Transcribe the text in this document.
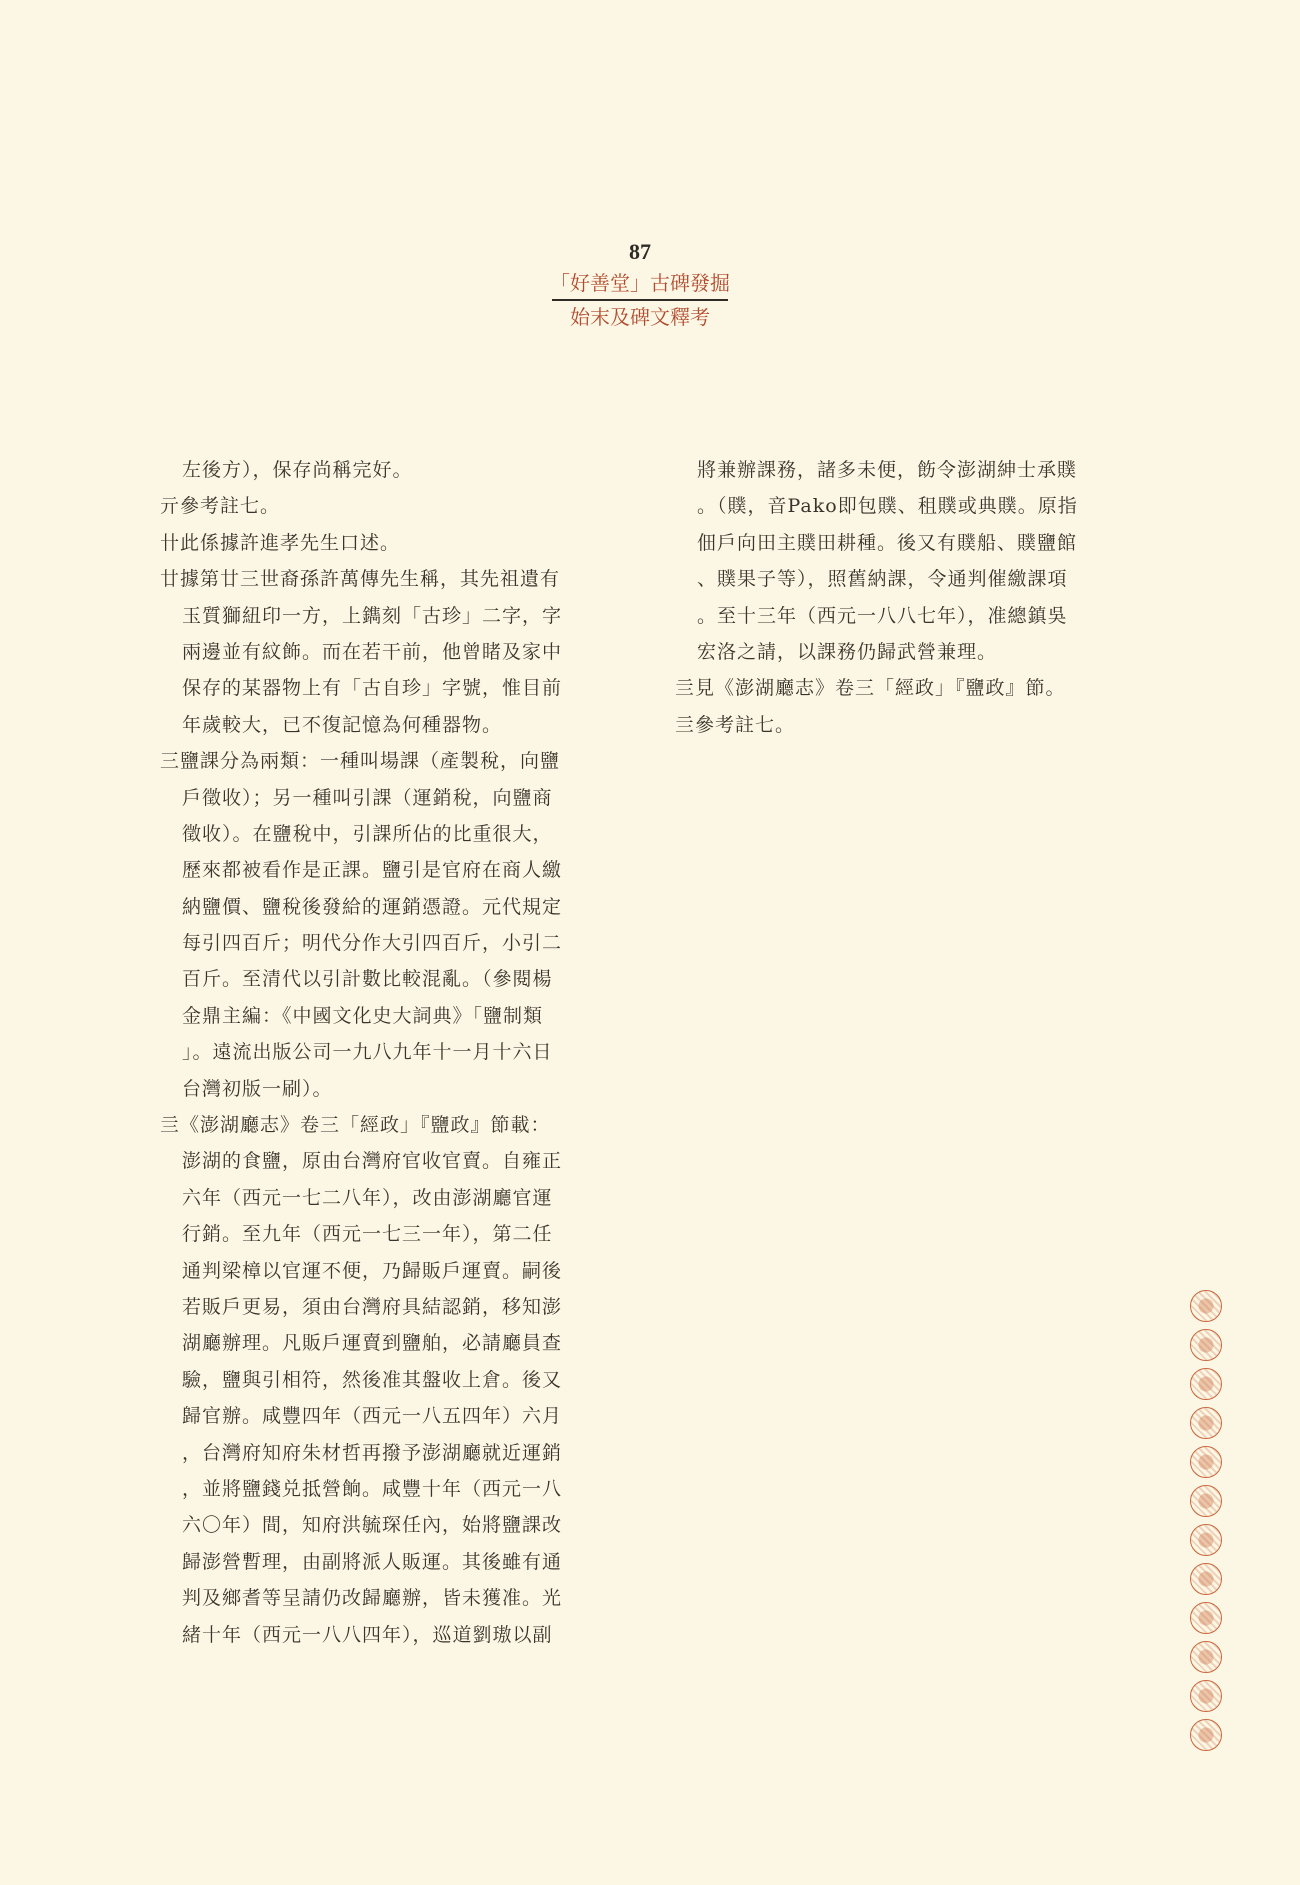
87
「好善堂」古碑發掘
始末及碑文釋考
左後方），保存尚稱完好。
亓參考註七。
卄此係據許進孝先生口述。
廿據第廿三世裔孫許萬傳先生稱，其先祖遺有
玉質獅紐印一方，上鐫刻「古珍」二字，字
兩邊並有紋飾。而在若干前，他曾睹及家中
保存的某器物上有「古自珍」字號，惟目前
年歲較大，已不復記憶為何種器物。
三鹽課分為兩類：一種叫場課（產製稅，向鹽
戶徵收）；另一種叫引課（運銷稅，向鹽商
徵收）。在鹽稅中，引課所佔的比重很大，
歷來都被看作是正課。鹽引是官府在商人繳
納鹽價、鹽稅後發給的運銷憑證。元代規定
每引四百斤；明代分作大引四百斤，小引二
百斤。至清代以引計數比較混亂。（參閱楊
金鼎主編：《中國文化史大詞典》「鹽制類
」。遠流出版公司一九八九年十一月十六日
台灣初版一刷）。
亖《澎湖廳志》卷三「經政」『鹽政』節載：
澎湖的食鹽，原由台灣府官收官賣。自雍正
六年（西元一七二八年），改由澎湖廳官運
行銷。至九年（西元一七三一年），第二任
通判梁樟以官運不便，乃歸販戶運賣。嗣後
若販戶更易，須由台灣府具結認銷，移知澎
湖廳辦理。凡販戶運賣到鹽舶，必請廳員查
驗，鹽與引相符，然後准其盤收上倉。後又
歸官辦。咸豐四年（西元一八五四年）六月
，台灣府知府朱材哲再撥予澎湖廳就近運銷
，並將鹽錢兑抵營餉。咸豐十年（西元一八
六〇年）間，知府洪毓琛任內，始將鹽課改
歸澎營暫理，由副將派人販運。其後雖有通
判及鄉耆等呈請仍改歸廳辦，皆未獲准。光
緒十年（西元一八八四年），巡道劉璈以副
將兼辦課務，諸多未便，飭令澎湖紳士承贌
。（贌，音Pako即包贌、租贌或典贌。原指
佃戶向田主贌田耕種。後又有贌船、贌鹽館
、贌果子等），照舊納課，令通判催繳課項
。至十三年（西元一八八七年），准總鎮吳
宏洛之請，以課務仍歸武營兼理。
亖見《澎湖廳志》卷三「經政」『鹽政』節。
亖參考註七。
